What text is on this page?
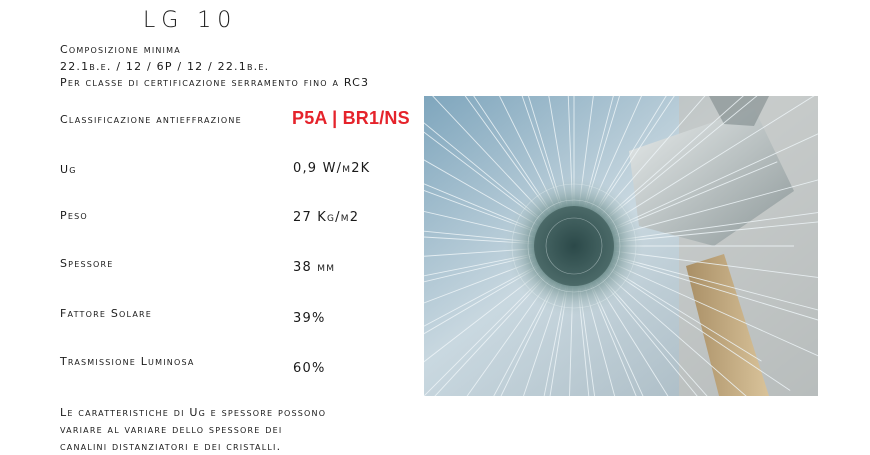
LG 10
Composizione minima
22.1b.e. / 12 / 6P / 12 / 22.1b.e.
Per classe di certificazione serramento fino a RC3
Classificazione antieffrazione	P5A | BR1/NS
Ug	0,9 W/m2K
Peso	27 Kg/m2
Spessore	38 mm
Fattore Solare	39%
Trasmissione Luminosa	60%
Le caratteristiche di Ug e spessore possono
variare al variare dello spessore dei
canalini distanziatori e dei cristalli.
